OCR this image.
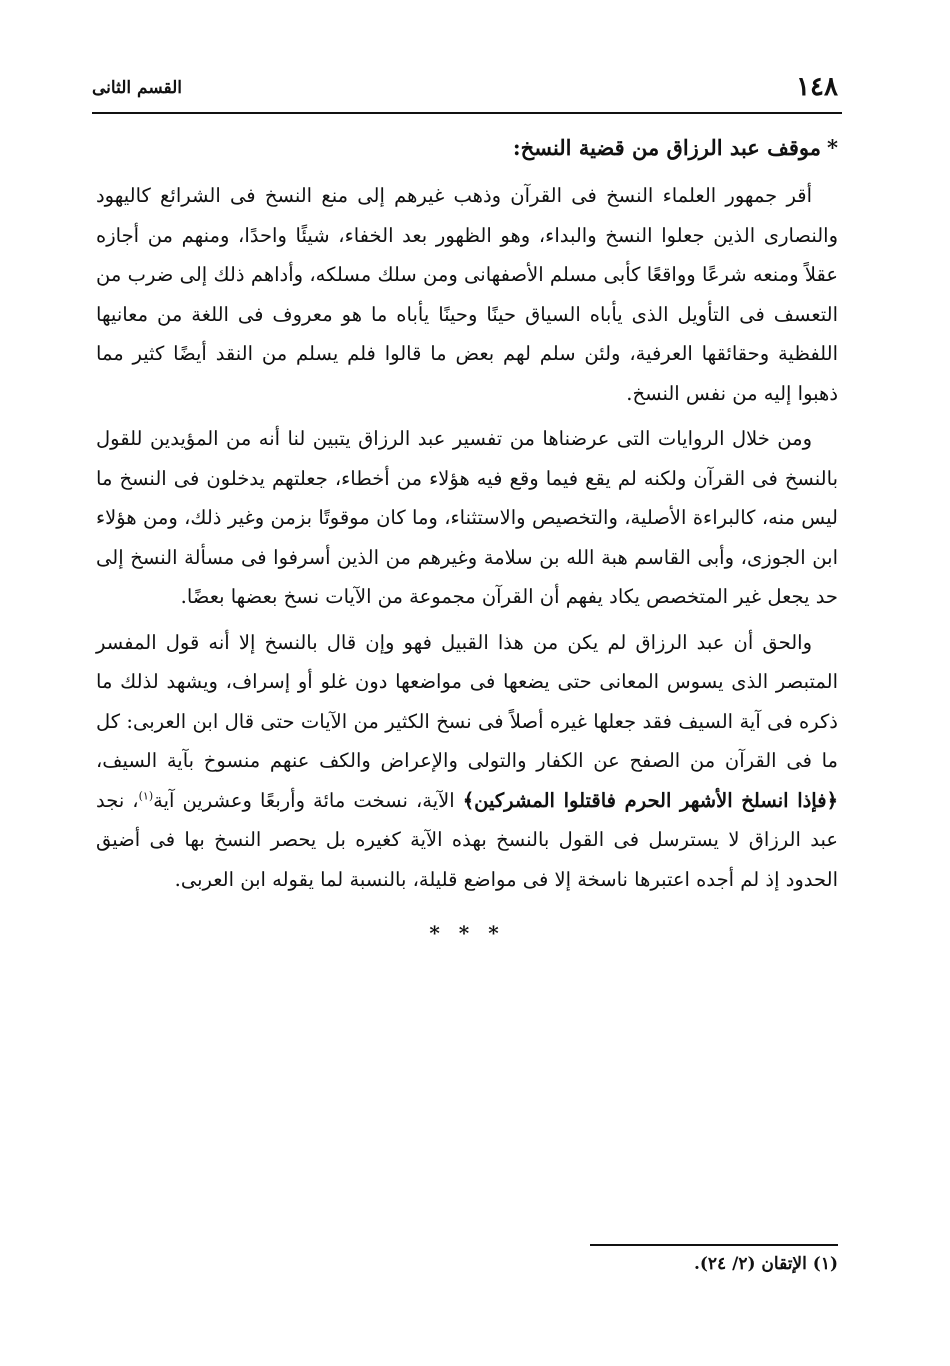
١٤٨
القسم الثانى
*موقف عبد الرزاق من قضية النسخ:

أقر جمهور العلماء النسخ فى القرآن وذهب غيرهم إلى منع النسخ فى الشرائع كاليهود والنصارى الذين جعلوا النسخ والبداء، وهو الظهور بعد الخفاء، شيئًا واحدًا، ومنهم من أجازه عقلاً ومنعه شرعًا وواقعًا كأبى مسلم الأصفهانى ومن سلك مسلكه، وأداهم ذلك إلى ضرب من التعسف فى التأويل الذى يأباه السياق حينًا وحينًا يأباه ما هو معروف فى اللغة من معانيها اللفظية وحقائقها العرفية، ولئن سلم لهم بعض ما قالوا فلم يسلم من النقد أيضًا كثير مما ذهبوا إليه من نفس النسخ.

ومن خلال الروايات التى عرضناها من تفسير عبد الرزاق يتبين لنا أنه من المؤيدين للقول بالنسخ فى القرآن ولكنه لم يقع فيما وقع فيه هؤلاء من أخطاء، جعلتهم يدخلون فى النسخ ما ليس منه، كالبراءة الأصلية، والتخصيص والاستثناء، وما كان موقوتًا بزمن وغير ذلك، ومن هؤلاء ابن الجوزى، وأبى القاسم هبة الله بن سلامة وغيرهم من الذين أسرفوا فى مسألة النسخ إلى حد يجعل غير المتخصص يكاد يفهم أن القرآن مجموعة من الآيات نسخ بعضها بعضًا.

والحق أن عبد الرزاق لم يكن من هذا القبيل فهو وإن قال بالنسخ إلا أنه قول المفسر المتبصر الذى يسوس المعانى حتى يضعها فى مواضعها دون غلو أو إسراف، ويشهد لذلك ما ذكره فى آية السيف فقد جعلها غيره أصلاً فى نسخ الكثير من الآيات حتى قال ابن العربى: كل ما فى القرآن من الصفح عن الكفار والتولى والإعراض والكف عنهم منسوخ بآية السيف، ﴿فإذا انسلخ الأشهر الحرم فاقتلوا المشركين﴾ الآية، نسخت مائة وأربعًا وعشرين آية$^{(١)}$، نجد عبد الرزاق لا يسترسل فى القول بالنسخ بهذه الآية كغيره بل يحصر النسخ بها فى أضيق الحدود إذ لم أجده اعتبرها ناسخة إلا فى مواضع قليلة، بالنسبة لما يقوله ابن العربى.

* * *
(١) الإتقان (٢/ ٢٤).
